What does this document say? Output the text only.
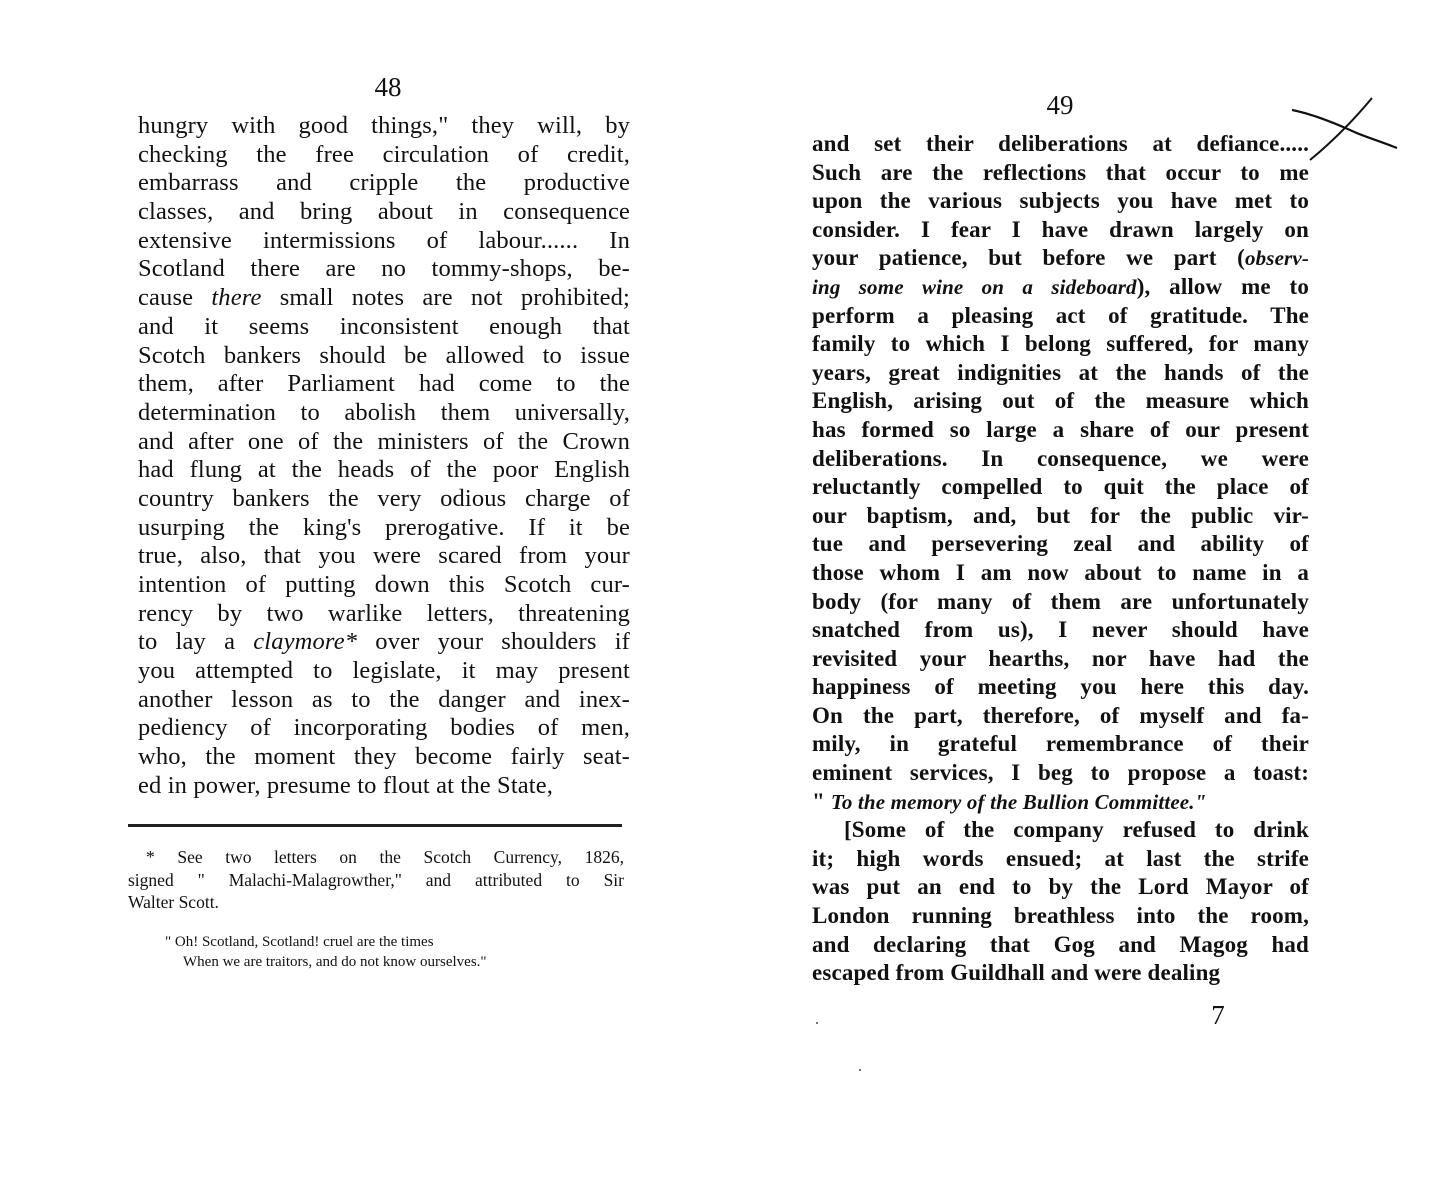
48
hungry with good things," they will, by
checking the free circulation of credit,
embarrass and cripple the productive
classes, and bring about in consequence
extensive intermissions of labour...... In
Scotland there are no tommy-shops, be-
cause there small notes are not prohibited;
and it seems inconsistent enough that
Scotch bankers should be allowed to issue
them, after Parliament had come to the
determination to abolish them universally,
and after one of the ministers of the Crown
had flung at the heads of the poor English
country bankers the very odious charge of
usurping the king's prerogative. If it be
true, also, that you were scared from your
intention of putting down this Scotch cur-
rency by two warlike letters, threatening
to lay a claymore* over your shoulders if
you attempted to legislate, it may present
another lesson as to the danger and inex-
pediency of incorporating bodies of men,
who, the moment they become fairly seat-
ed in power, presume to flout at the State,
* See two letters on the Scotch Currency, 1826,
signed " Malachi-Malagrowther," and attributed to Sir
Walter Scott.
" Oh! Scotland, Scotland! cruel are the times
When we are traitors, and do not know ourselves."
49
and set their deliberations at defiance.....
Such are the reflections that occur to me
upon the various subjects you have met to
consider. I fear I have drawn largely on
your patience, but before we part (observ-
ing some wine on a sideboard), allow me to
perform a pleasing act of gratitude. The
family to which I belong suffered, for many
years, great indignities at the hands of the
English, arising out of the measure which
has formed so large a share of our present
deliberations. In consequence, we were
reluctantly compelled to quit the place of
our baptism, and, but for the public vir-
tue and persevering zeal and ability of
those whom I am now about to name in a
body (for many of them are unfortunately
snatched from us), I never should have
revisited your hearths, nor have had the
happiness of meeting you here this day.
On the part, therefore, of myself and fa-
mily, in grateful remembrance of their
eminent services, I beg to propose a toast:
" To the memory of the Bullion Committee."
[Some of the company refused to drink
it; high words ensued; at last the strife
was put an end to by the Lord Mayor of
London running breathless into the room,
and declaring that Gog and Magog had
escaped from Guildhall and were dealing
7
